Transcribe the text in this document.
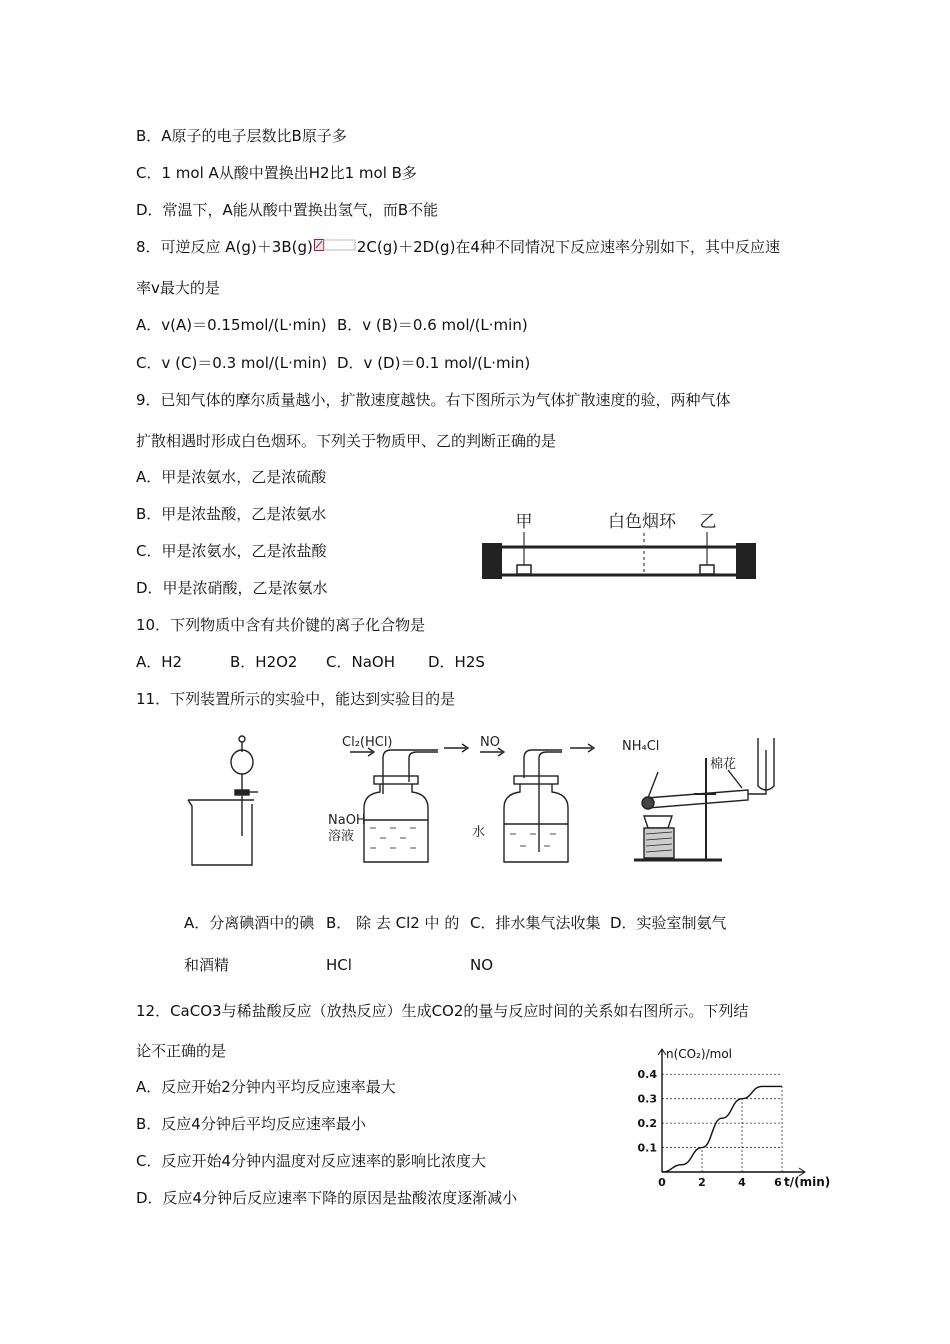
B．A原子的电子层数比B原子多
C．1 mol A从酸中置换出H2比1 mol B多
D．常温下，A能从酸中置换出氢气，而B不能
8．可逆反应 A(g)＋3B(g)	2C(g)＋2D(g)在4种不同情况下反应速率分别如下，其中反应速
率v最大的是
A．v(A)＝0.15mol/(L·min) B．v (B)＝0.6 mol/(L·min)
C．v (C)＝0.3 mol/(L·min) D．v (D)＝0.1 mol/(L·min)
9．已知气体的摩尔质量越小，扩散速度越快。右下图所示为气体扩散速度的验，两种气体
扩散相遇时形成白色烟环。下列关于物质甲、乙的判断正确的是
A．甲是浓氨水，乙是浓硫酸
B．甲是浓盐酸，乙是浓氨水
C．甲是浓氨水，乙是浓盐酸
D．甲是浓硝酸，乙是浓氨水
甲	白色烟环 乙
10．下列物质中含有共价键的离子化合物是
A．H2	B．H2O2 C．NaOH D．H2S
11．下列装置所示的实验中，能达到实验目的是
Cl₂(HCl)
NaOH
溶液
NO
水
NH₄Cl
棉花
A．分离碘酒中的碘
和酒精
B． 除 去 Cl2 中 的
HCl
C．排水集气法收集
NO
D．实验室制氨气
12．CaCO3与稀盐酸反应（放热反应）生成CO2的量与反应时间的关系如右图所示。下列结
论不正确的是
A．反应开始2分钟内平均反应速率最大
B．反应4分钟后平均反应速率最小
C．反应开始4分钟内温度对反应速率的影响比浓度大
D．反应4分钟后反应速率下降的原因是盐酸浓度逐渐减小
0.1
0.2
0.3
0.4
0	2	4	6
n(CO₂)/mol
t/(min)
